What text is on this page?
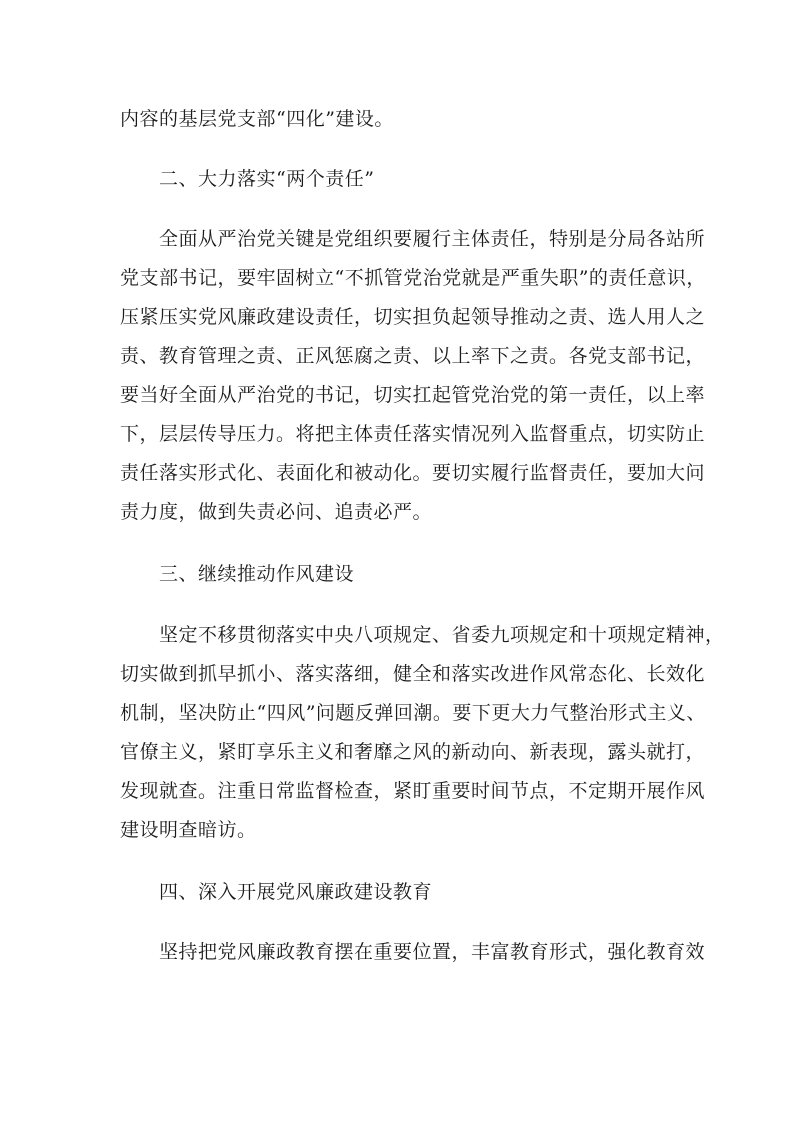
内容的基层党支部“四化”建设。
二、大力落实“两个责任”
全面从严治党关键是党组织要履行主体责任，特别是分局各站所
党支部书记，要牢固树立“不抓管党治党就是严重失职”的责任意识，
压紧压实党风廉政建设责任，切实担负起领导推动之责、选人用人之
责、教育管理之责、正风惩腐之责、以上率下之责。各党支部书记，
要当好全面从严治党的书记，切实扛起管党治党的第一责任，以上率
下，层层传导压力。将把主体责任落实情况列入监督重点，切实防止
责任落实形式化、表面化和被动化。要切实履行监督责任，要加大问
责力度，做到失责必问、追责必严。
三、继续推动作风建设
坚定不移贯彻落实中央八项规定、省委九项规定和十项规定精神，
切实做到抓早抓小、落实落细，健全和落实改进作风常态化、长效化
机制，坚决防止“四风”问题反弹回潮。要下更大力气整治形式主义、
官僚主义，紧盯享乐主义和奢靡之风的新动向、新表现，露头就打，
发现就查。注重日常监督检查，紧盯重要时间节点，不定期开展作风
建设明查暗访。
四、深入开展党风廉政建设教育
坚持把党风廉政教育摆在重要位置，丰富教育形式，强化教育效
